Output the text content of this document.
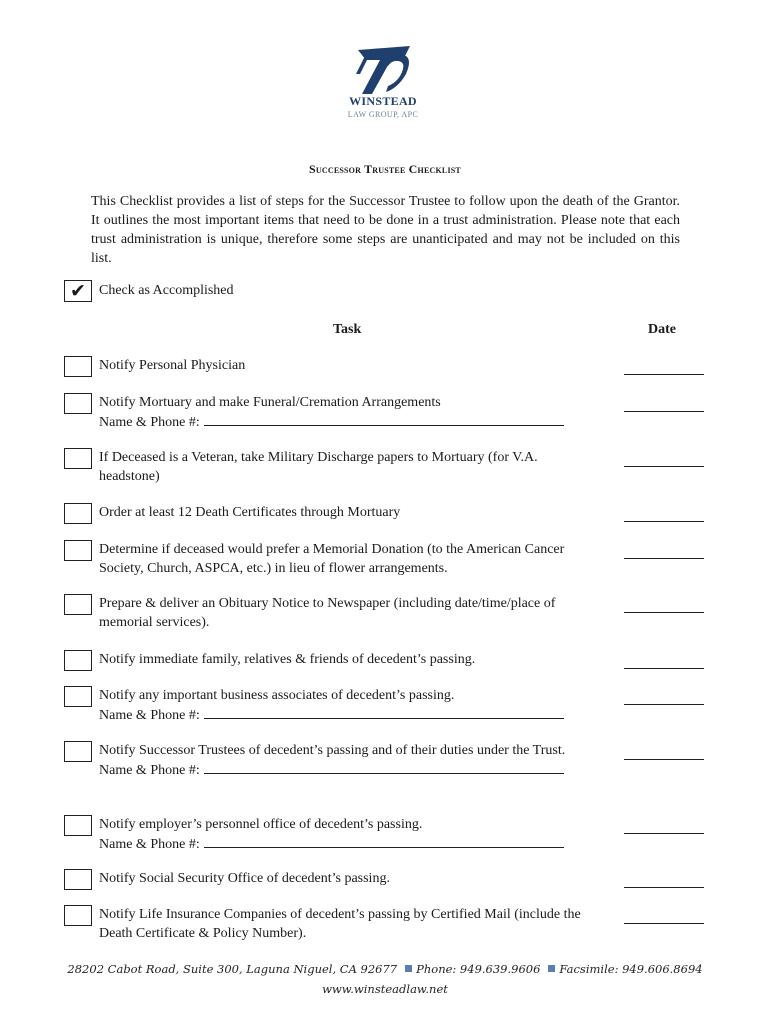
WINSTEAD
LAW GROUP, APC
Successor Trustee Checklist
This Checklist provides a list of steps for the Successor Trustee to follow upon the death of the Grantor. It outlines the most important items that need to be done in a trust administration. Please note that each trust administration is unique, therefore some steps are unanticipated and may not be included on this list.
✔ Check as Accomplished
Task	Date
Notify Personal Physician
Notify Mortuary and make Funeral/Cremation Arrangements
Name & Phone #:
If Deceased is a Veteran, take Military Discharge papers to Mortuary (for V.A. headstone)
Order at least 12 Death Certificates through Mortuary
Determine if deceased would prefer a Memorial Donation (to the American Cancer Society, Church, ASPCA, etc.) in lieu of flower arrangements.
Prepare & deliver an Obituary Notice to Newspaper (including date/time/place of memorial services).
Notify immediate family, relatives & friends of decedent’s passing.
Notify any important business associates of decedent’s passing.
Name & Phone #:
Notify Successor Trustees of decedent’s passing and of their duties under the Trust.
Name & Phone #:
Notify employer’s personnel office of decedent’s passing.
Name & Phone #:
Notify Social Security Office of decedent’s passing.
Notify Life Insurance Companies of decedent’s passing by Certified Mail (include the Death Certificate & Policy Number).
28202 Cabot Road, Suite 300, Laguna Niguel, CA 92677 Phone: 949.639.9606 Facsimile: 949.606.8694
www.winsteadlaw.net
